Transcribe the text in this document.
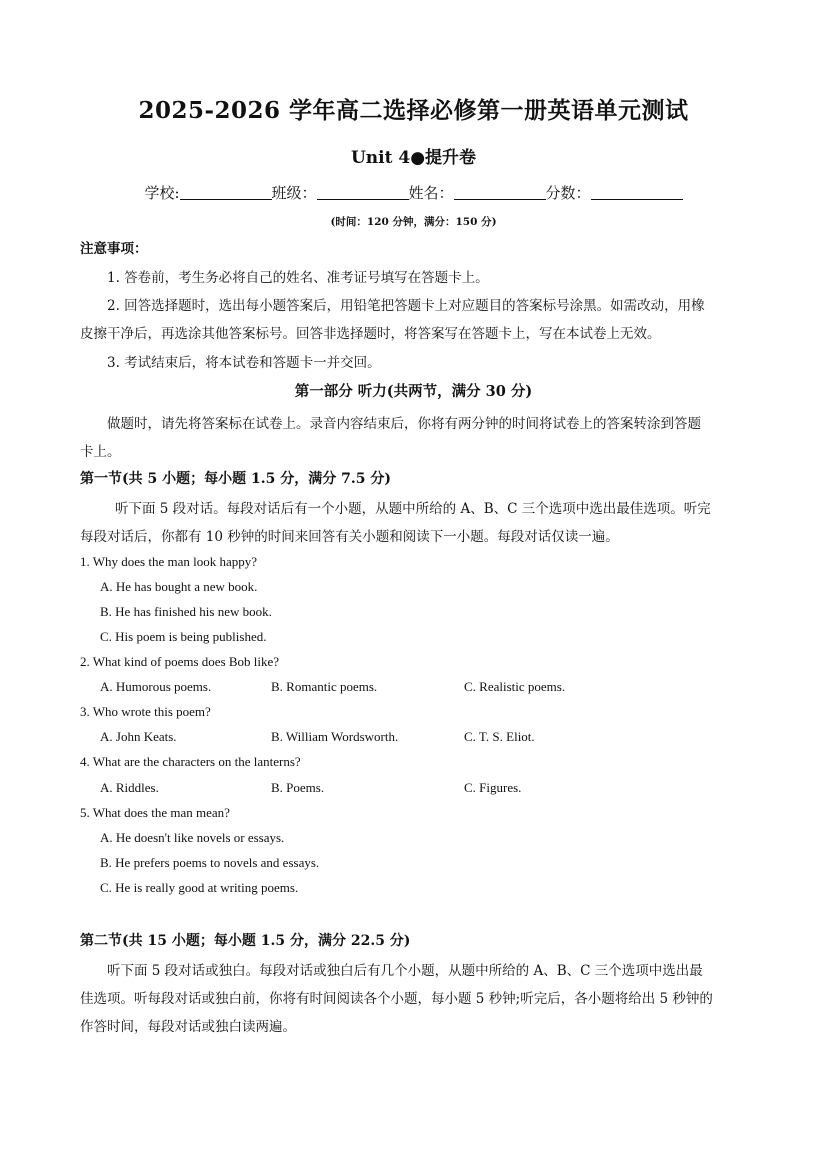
2025-2026 学年高二选择必修第一册英语单元测试
Unit 4●提升卷
学校:	班级：	姓名：	分数：
(时间：120 分钟，满分：150 分)
注意事项：
1. 答卷前，考生务必将自己的姓名、准考证号填写在答题卡上。
2. 回答选择题时，选出每小题答案后，用铅笔把答题卡上对应题目的答案标号涂黑。如需改动，用橡
皮擦干净后，再选涂其他答案标号。回答非选择题时，将答案写在答题卡上，写在本试卷上无效。
3. 考试结束后，将本试卷和答题卡一并交回。
第一部分 听力(共两节，满分 30 分)
做题时，请先将答案标在试卷上。录音内容结束后，你将有两分钟的时间将试卷上的答案转涂到答题
卡上。
第一节(共 5 小题；每小题 1.5 分，满分 7.5 分)
听下面 5 段对话。每段对话后有一个小题，从题中所给的 A、B、C 三个选项中选出最佳选项。听完
每段对话后，你都有 10 秒钟的时间来回答有关小题和阅读下一小题。每段对话仅读一遍。
1. Why does the man look happy?
A. He has bought a new book.
B. He has finished his new book.
C. His poem is being published.
2. What kind of poems does Bob like?
A. Humorous poems.	B. Romantic poems.	C. Realistic poems.
3. Who wrote this poem?
A. John Keats.	B. William Wordsworth.	C. T. S. Eliot.
4. What are the characters on the lanterns?
A. Riddles.	B. Poems.	C. Figures.
5. What does the man mean?
A. He doesn't like novels or essays.
B. He prefers poems to novels and essays.
C. He is really good at writing poems.
第二节(共 15 小题；每小题 1.5 分，满分 22.5 分)
听下面 5 段对话或独白。每段对话或独白后有几个小题，从题中所给的 A、B、C 三个选项中选出最
佳选项。听每段对话或独白前，你将有时间阅读各个小题，每小题 5 秒钟;听完后，各小题将给出 5 秒钟的
作答时间，每段对话或独白读两遍。
